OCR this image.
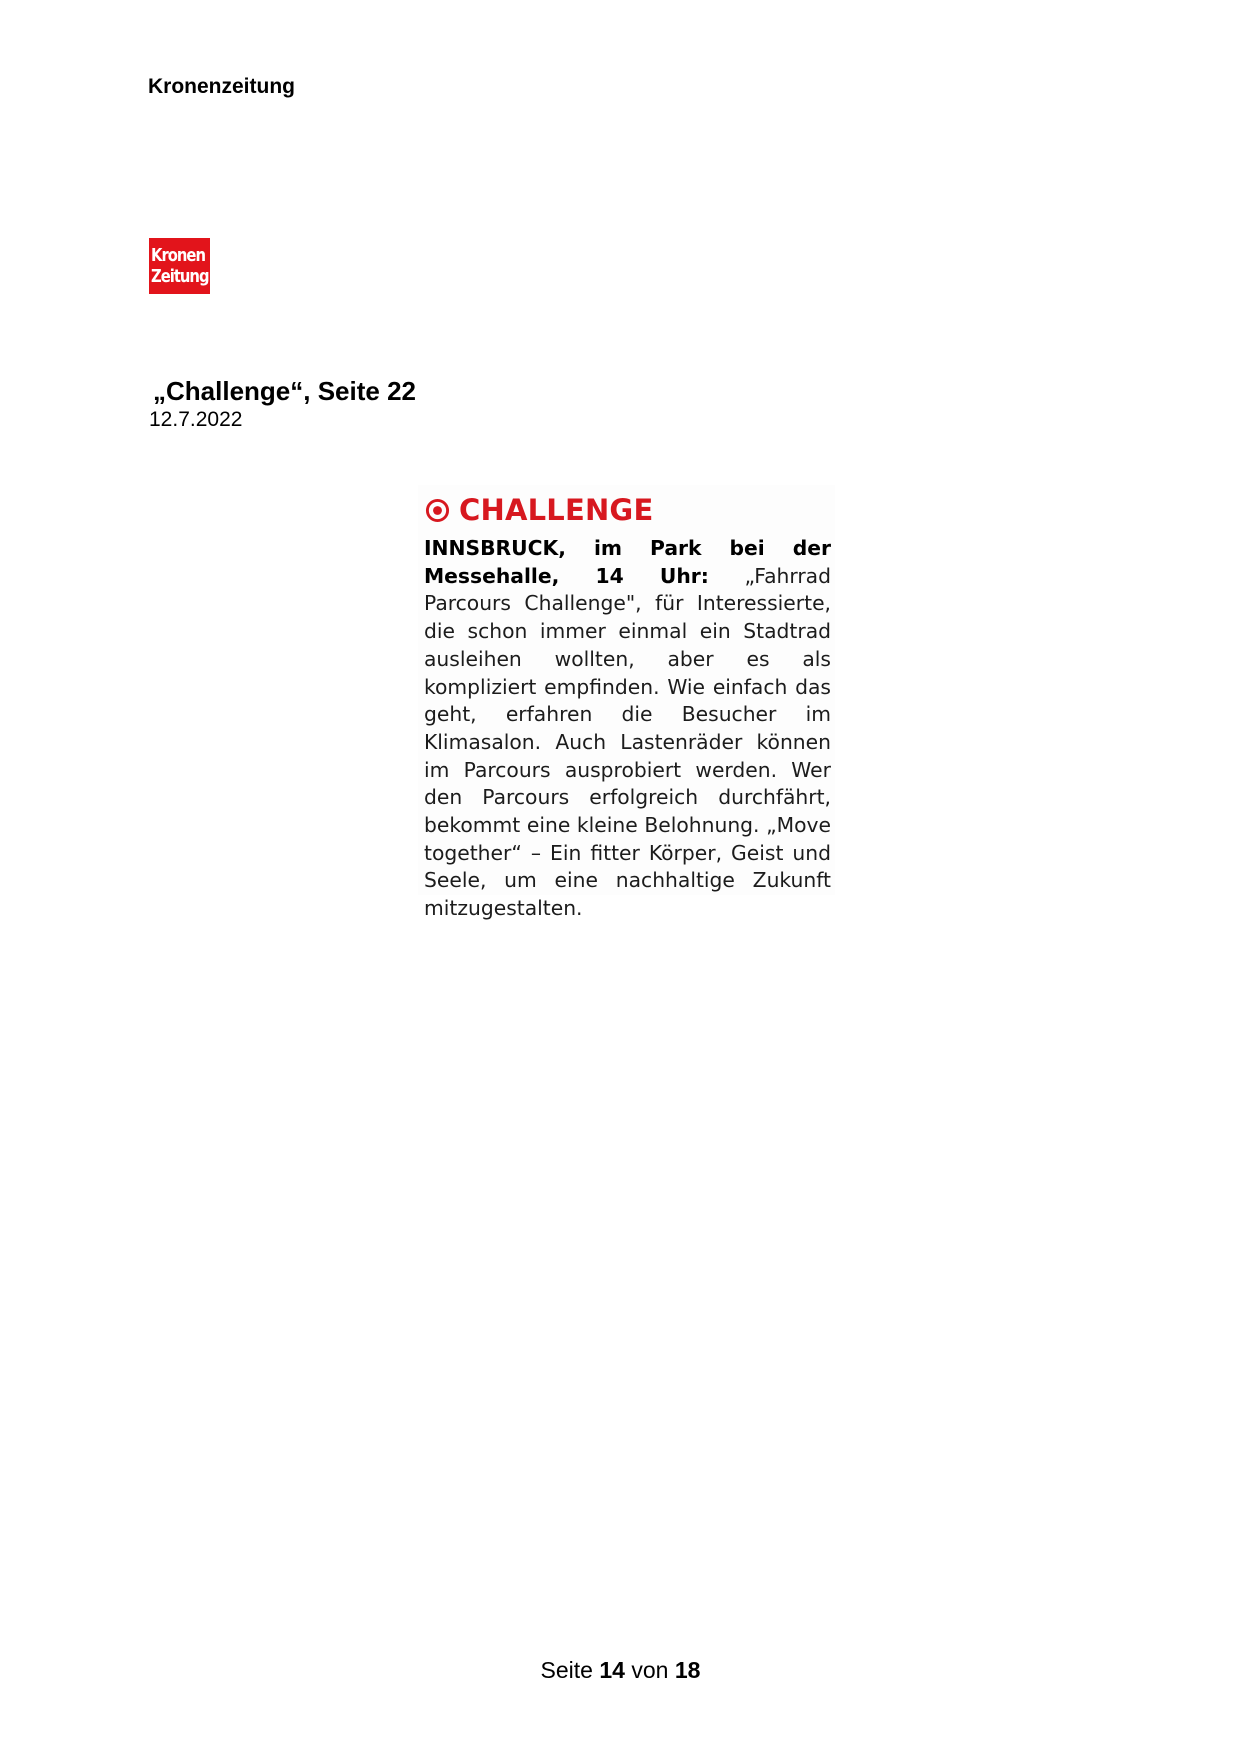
Kronenzeitung
Kronen
Zeitung
„Challenge“, Seite 22
12.7.2022
CHALLENGE

INNSBRUCK, im Park bei der Messehalle, 14 Uhr: „Fahrrad Parcours Challenge", für Interessierte, die schon immer einmal ein Stadtrad ausleihen wollten, aber es als kompliziert empfinden. Wie einfach das geht, erfahren die Besucher im Klimasalon. Auch Lastenräder können im Parcours ausprobiert werden. Wer den Parcours erfolgreich durchfährt, bekommt eine kleine Belohnung. „Move together“ – Ein fitter Körper, Geist und Seele, um eine nachhaltige Zukunft mitzugestalten.

Seite 14 von 18
